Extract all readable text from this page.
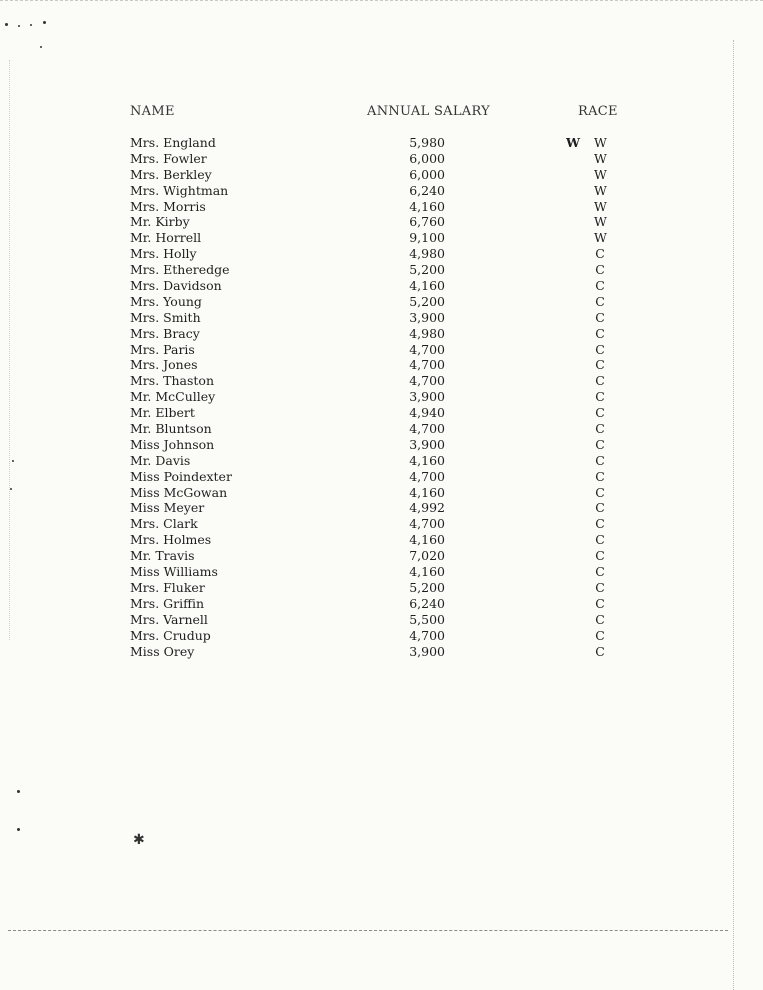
✱
NAME	ANNUAL SALARY	RACE
Mrs. England	5,980	W W
Mrs. Fowler	6,000	W
Mrs. Berkley	6,000	W
Mrs. Wightman	6,240	W
Mrs. Morris	4,160	W
Mr. Kirby	6,760	W
Mr. Horrell	9,100	W
Mrs. Holly	4,980	C
Mrs. Etheredge	5,200	C
Mrs. Davidson	4,160	C
Mrs. Young	5,200	C
Mrs. Smith	3,900	C
Mrs. Bracy	4,980	C
Mrs. Paris	4,700	C
Mrs. Jones	4,700	C
Mrs. Thaston	4,700	C
Mr. McCulley	3,900	C
Mr. Elbert	4,940	C
Mr. Bluntson	4,700	C
Miss Johnson	3,900	C
Mr. Davis	4,160	C
Miss Poindexter	4,700	C
Miss McGowan	4,160	C
Miss Meyer	4,992	C
Mrs. Clark	4,700	C
Mrs. Holmes	4,160	C
Mr. Travis	7,020	C
Miss Williams	4,160	C
Mrs. Fluker	5,200	C
Mrs. Griffin	6,240	C
Mrs. Varnell	5,500	C
Mrs. Crudup	4,700	C
Miss Orey	3,900	C
